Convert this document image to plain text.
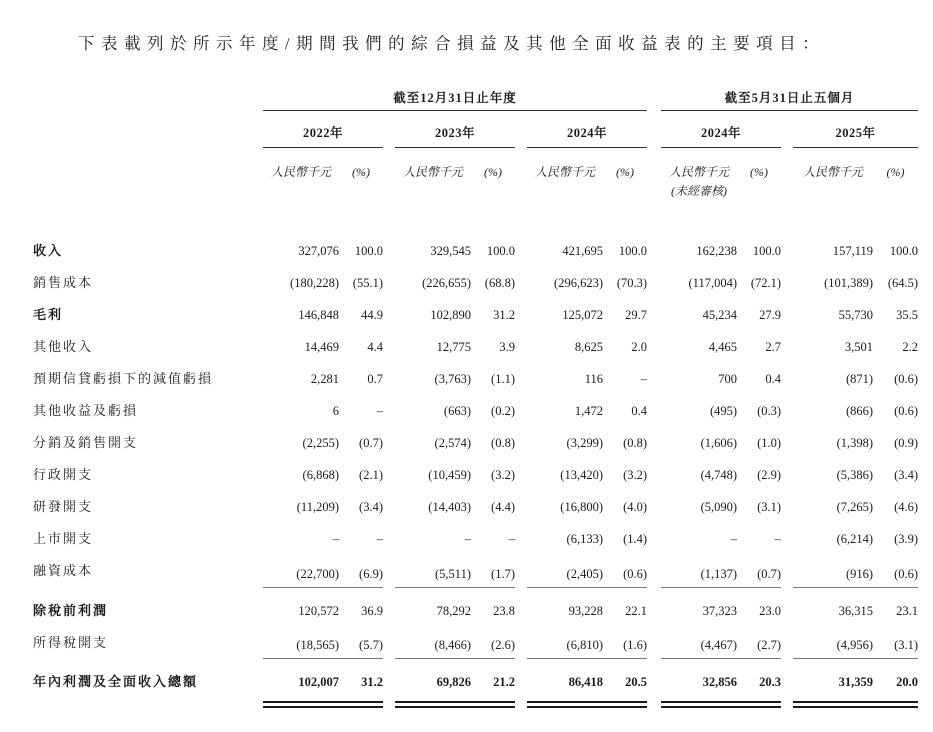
下表載列於所示年度/期間我們的綜合損益及其他全面收益表的主要項目：
	截至12月31日止年度									截至5月31日止五個月				
	2022年			2023年			2024年			2024年			2025年	
	人民幣千元	(%)		人民幣千元	(%)		人民幣千元	(%)		人民幣千元	(%)		人民幣千元	(%)
										(未經審核)				

收入	327,076	100.0		329,545	100.0		421,695	100.0		162,238	100.0		157,119	100.0
銷售成本	(180,228)	(55.1)		(226,655)	(68.8)		(296,623)	(70.3)		(117,004)	(72.1)		(101,389)	(64.5)
毛利	146,848	44.9		102,890	31.2		125,072	29.7		45,234	27.9		55,730	35.5
其他收入	14,469	4.4		12,775	3.9		8,625	2.0		4,465	2.7		3,501	2.2
預期信貸虧損下的減值虧損	2,281	0.7		(3,763)	(1.1)		116	–		700	0.4		(871)	(0.6)
其他收益及虧損	6	–		(663)	(0.2)		1,472	0.4		(495)	(0.3)		(866)	(0.6)
分銷及銷售開支	(2,255)	(0.7)		(2,574)	(0.8)		(3,299)	(0.8)		(1,606)	(1.0)		(1,398)	(0.9)
行政開支	(6,868)	(2.1)		(10,459)	(3.2)		(13,420)	(3.2)		(4,748)	(2.9)		(5,386)	(3.4)
研發開支	(11,209)	(3.4)		(14,403)	(4.4)		(16,800)	(4.0)		(5,090)	(3.1)		(7,265)	(4.6)
上市開支	–	–		–	–		(6,133)	(1.4)		–	–		(6,214)	(3.9)
融資成本	(22,700)	(6.9)		(5,511)	(1.7)		(2,405)	(0.6)		(1,137)	(0.7)		(916)	(0.6)
除稅前利潤	120,572	36.9		78,292	23.8		93,228	22.1		37,323	23.0		36,315	23.1
所得稅開支	(18,565)	(5.7)		(8,466)	(2.6)		(6,810)	(1.6)		(4,467)	(2.7)		(4,956)	(3.1)
年內利潤及全面收入總額	102,007	31.2		69,826	21.2		86,418	20.5		32,856	20.3		31,359	20.0
